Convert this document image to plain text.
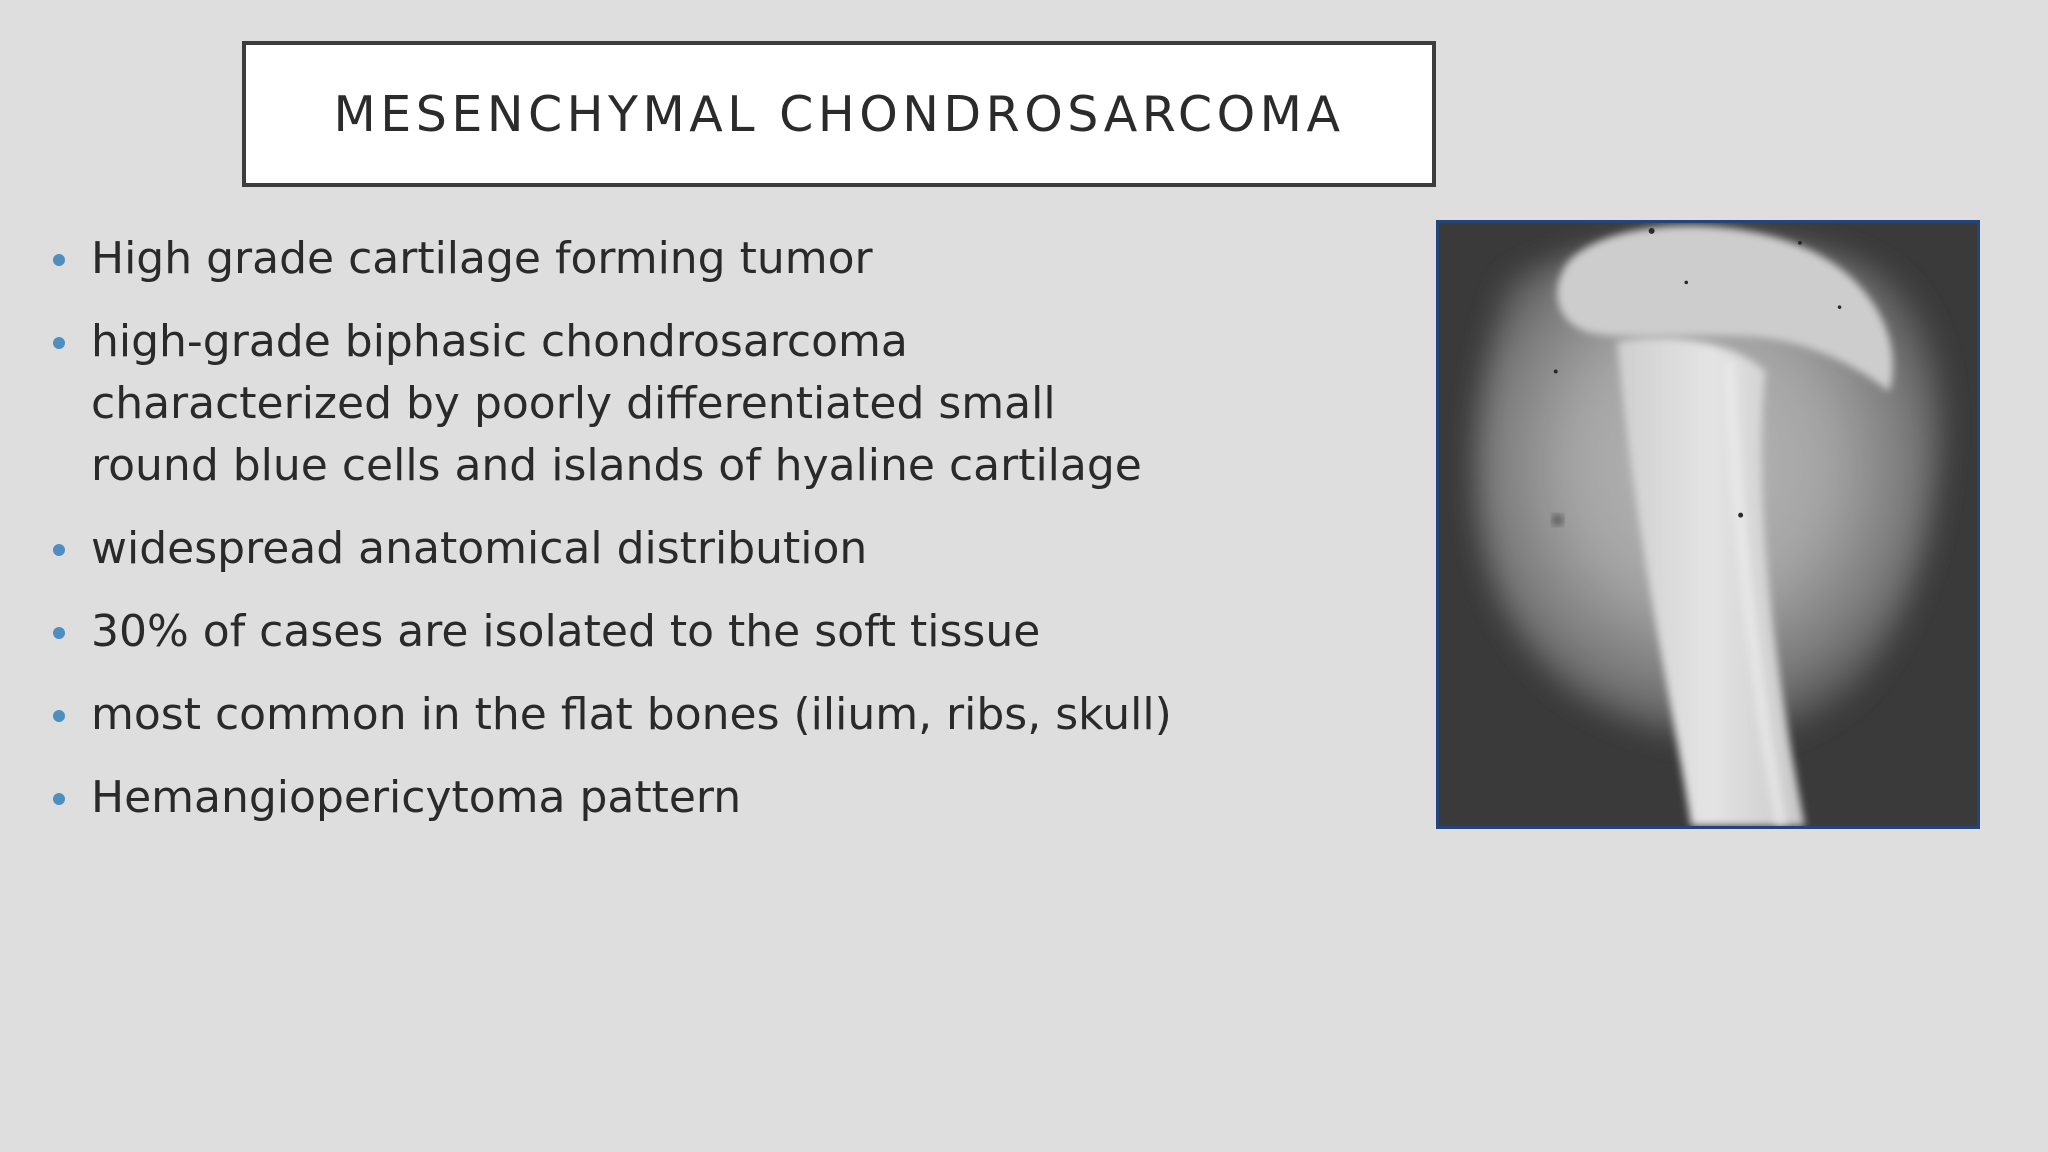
MESENCHYMAL CHONDROSARCOMA
High grade cartilage forming tumor
high-grade biphasic chondrosarcoma
characterized by poorly differentiated small
round blue cells and islands of hyaline cartilage
widespread anatomical distribution
30% of cases are isolated to the soft tissue
most common in the flat bones (ilium, ribs, skull)
Hemangiopericytoma pattern
